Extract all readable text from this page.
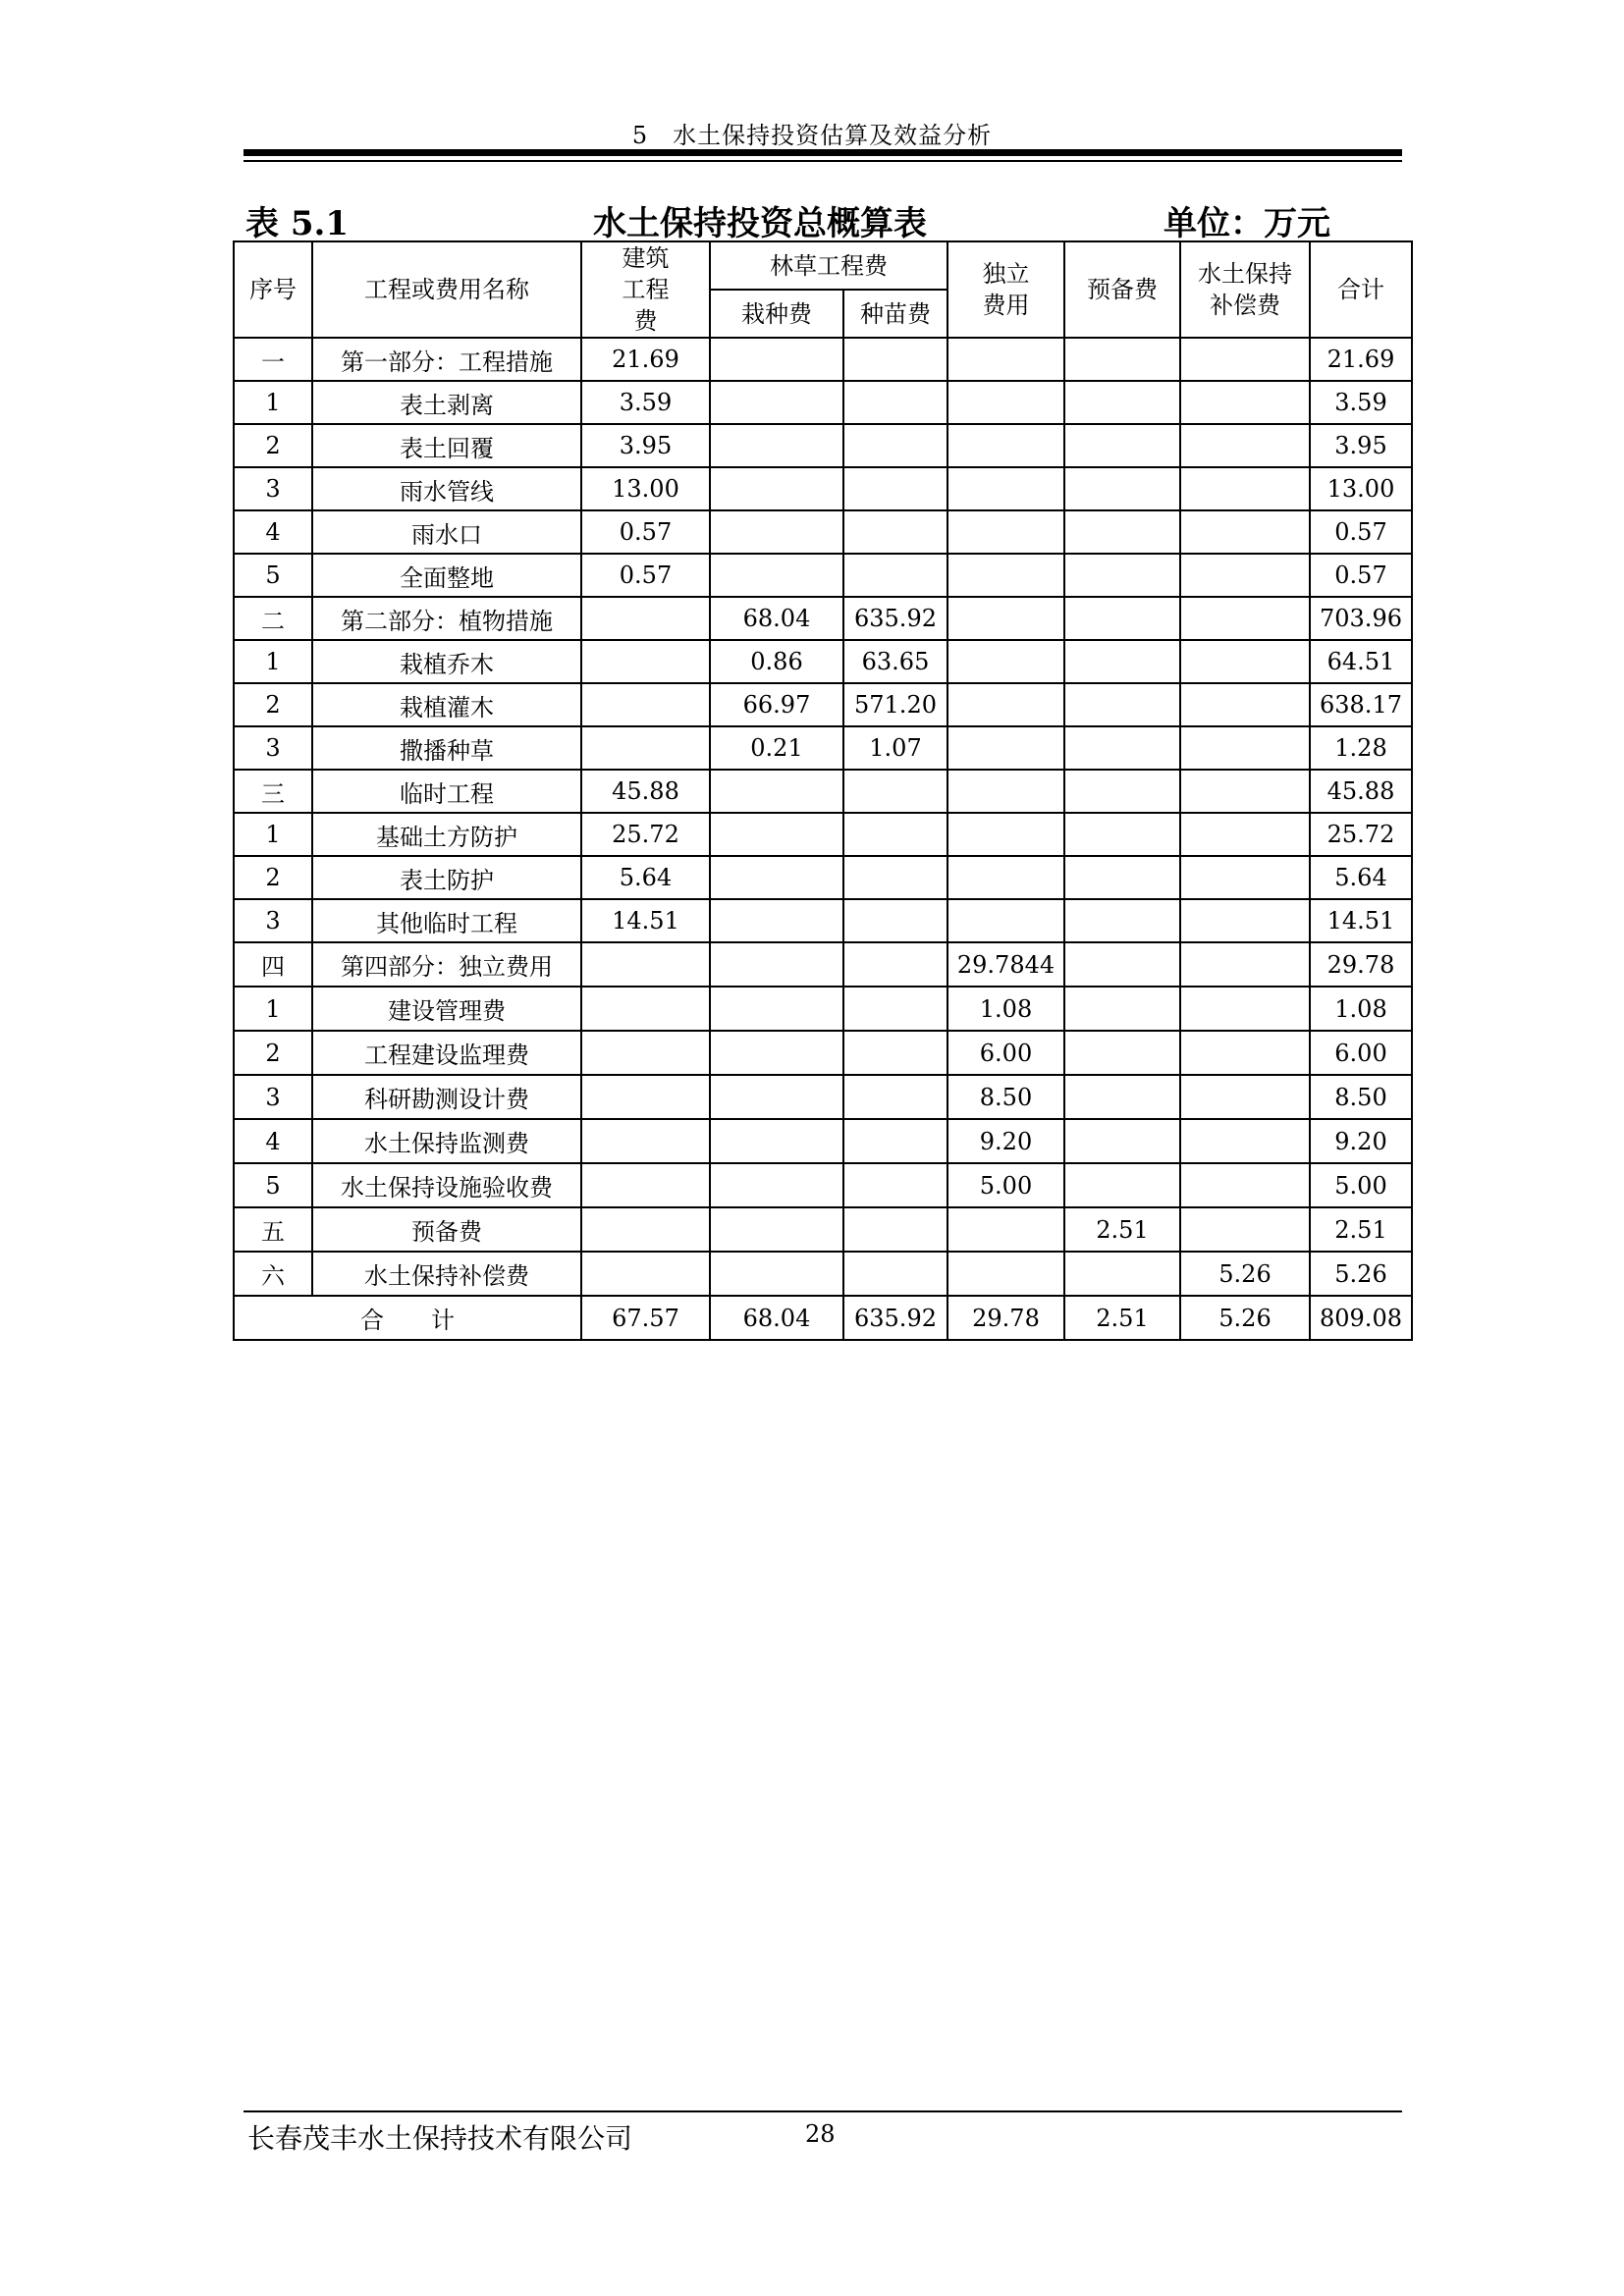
5　水土保持投资估算及效益分析
表 5.1	水土保持投资总概算表	单位：万元
序号	工程或费用名称	建筑工程费	林草工程费		独立费用	预备费	水土保持补偿费	合计
			栽种费	种苗费				
一	第一部分：工程措施	21.69						21.69
1	表土剥离	3.59						3.59
2	表土回覆	3.95						3.95
3	雨水管线	13.00						13.00
4	雨水口	0.57						0.57
5	全面整地	0.57						0.57
二	第二部分：植物措施		68.04	635.92				703.96
1	栽植乔木		0.86	63.65				64.51
2	栽植灌木		66.97	571.20				638.17
3	撒播种草		0.21	1.07				1.28
三	临时工程	45.88						45.88
1	基础土方防护	25.72						25.72
2	表土防护	5.64						5.64
3	其他临时工程	14.51						14.51
四	第四部分：独立费用				29.7844			29.78
1	建设管理费				1.08			1.08
2	工程建设监理费				6.00			6.00
3	科研勘测设计费				8.50			8.50
4	水土保持监测费				9.20			9.20
5	水土保持设施验收费				5.00			5.00
五	预备费					2.51		2.51
六	水土保持补偿费						5.26	5.26
合　　计		67.57	68.04	635.92	29.78	2.51	5.26	809.08
长春茂丰水土保持技术有限公司	28
